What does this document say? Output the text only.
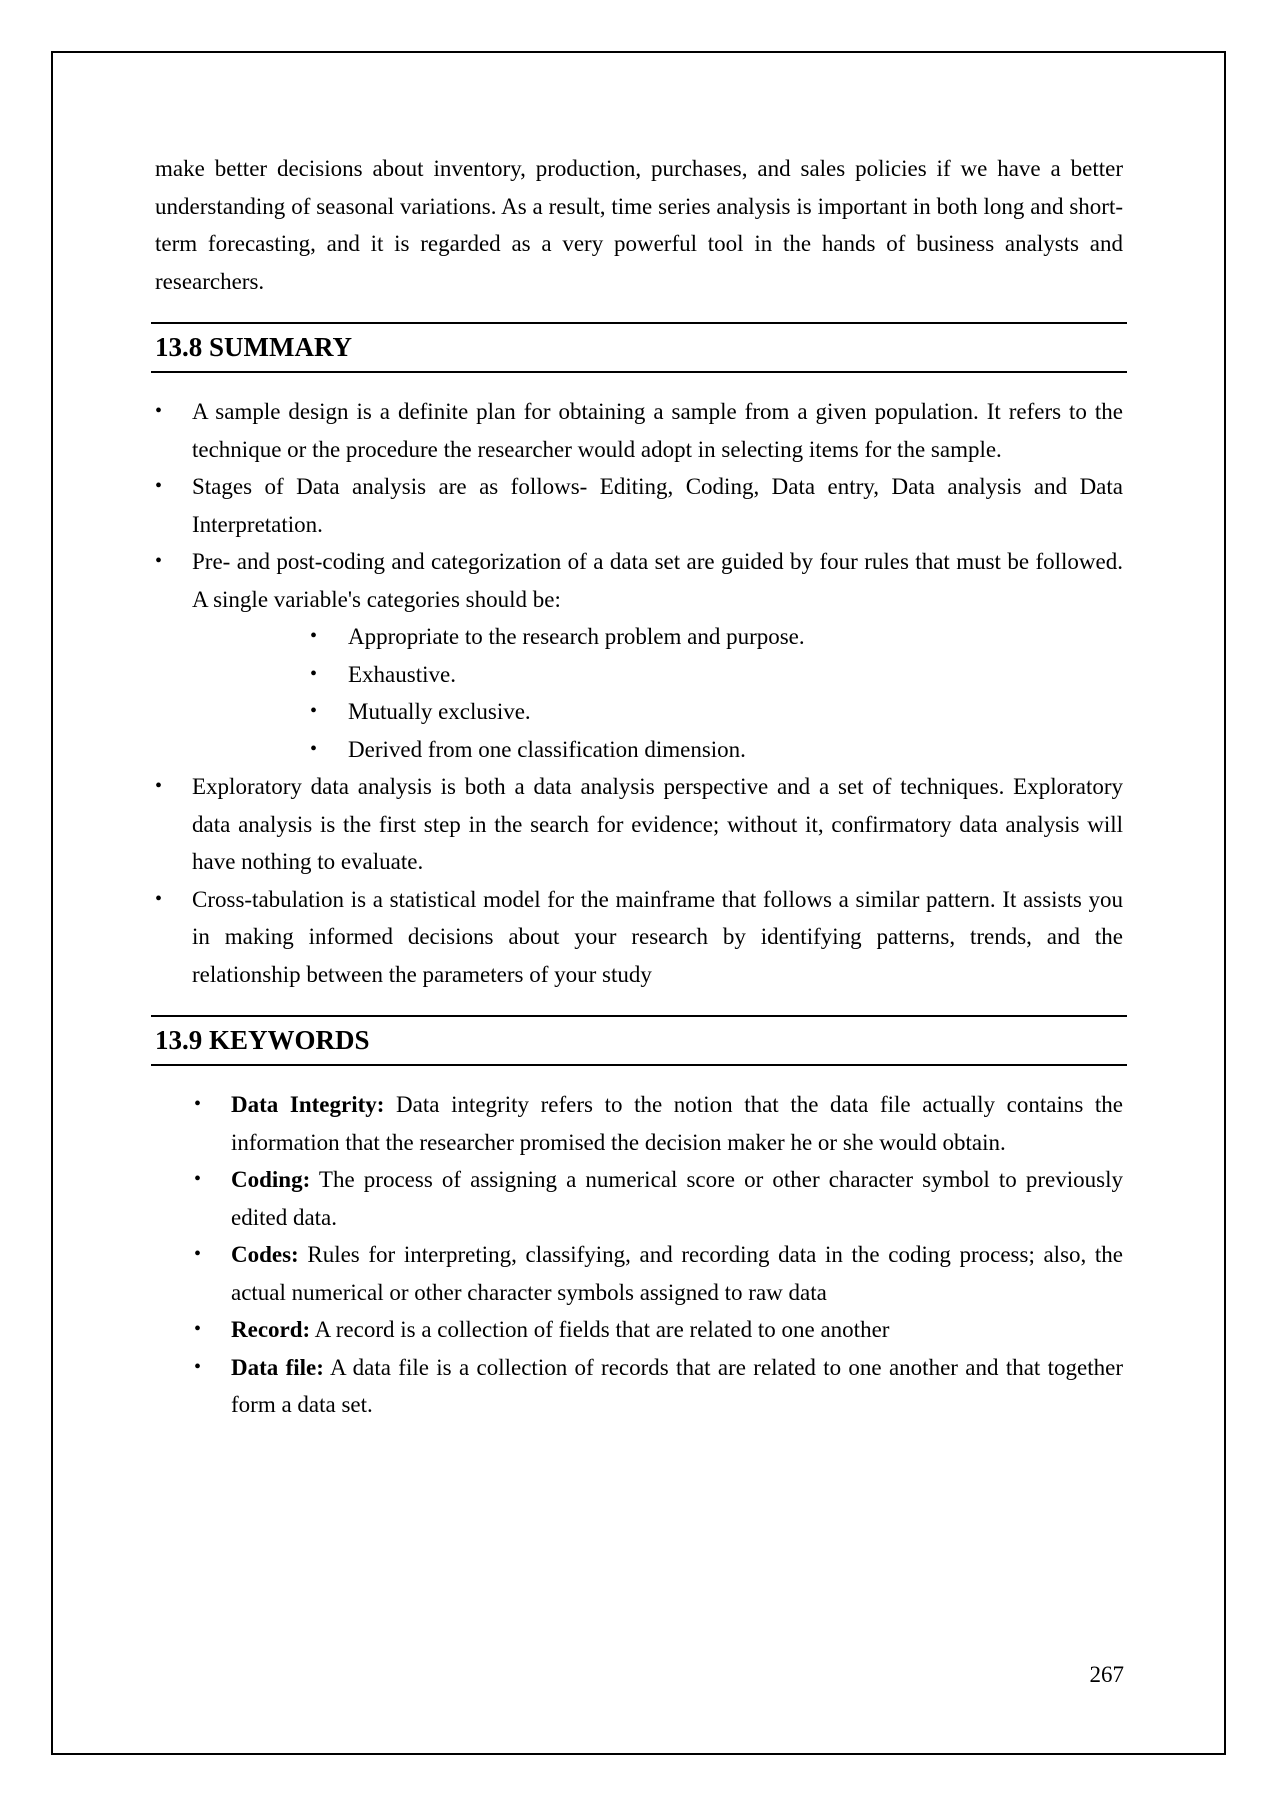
make better decisions about inventory, production, purchases, and sales policies if we have a better understanding of seasonal variations. As a result, time series analysis is important in both long and short-term forecasting, and it is regarded as a very powerful tool in the hands of business analysts and researchers.

13.8 SUMMARY
• A sample design is a definite plan for obtaining a sample from a given population. It refers to the technique or the procedure the researcher would adopt in selecting items for the sample.
• Stages of Data analysis are as follows- Editing, Coding, Data entry, Data analysis and Data Interpretation.
• Pre- and post-coding and categorization of a data set are guided by four rules that must be followed. A single variable's categories should be:
• Appropriate to the research problem and purpose.
• Exhaustive.
• Mutually exclusive.
• Derived from one classification dimension.
• Exploratory data analysis is both a data analysis perspective and a set of techniques. Exploratory data analysis is the first step in the search for evidence; without it, confirmatory data analysis will have nothing to evaluate.
• Cross-tabulation is a statistical model for the mainframe that follows a similar pattern. It assists you in making informed decisions about your research by identifying patterns, trends, and the relationship between the parameters of your study
13.9 KEYWORDS
• Data Integrity: Data integrity refers to the notion that the data file actually contains the information that the researcher promised the decision maker he or she would obtain.
• Coding: The process of assigning a numerical score or other character symbol to previously edited data.
• Codes: Rules for interpreting, classifying, and recording data in the coding process; also, the actual numerical or other character symbols assigned to raw data
• Record: A record is a collection of fields that are related to one another
• Data file: A data file is a collection of records that are related to one another and that together form a data set.
267
